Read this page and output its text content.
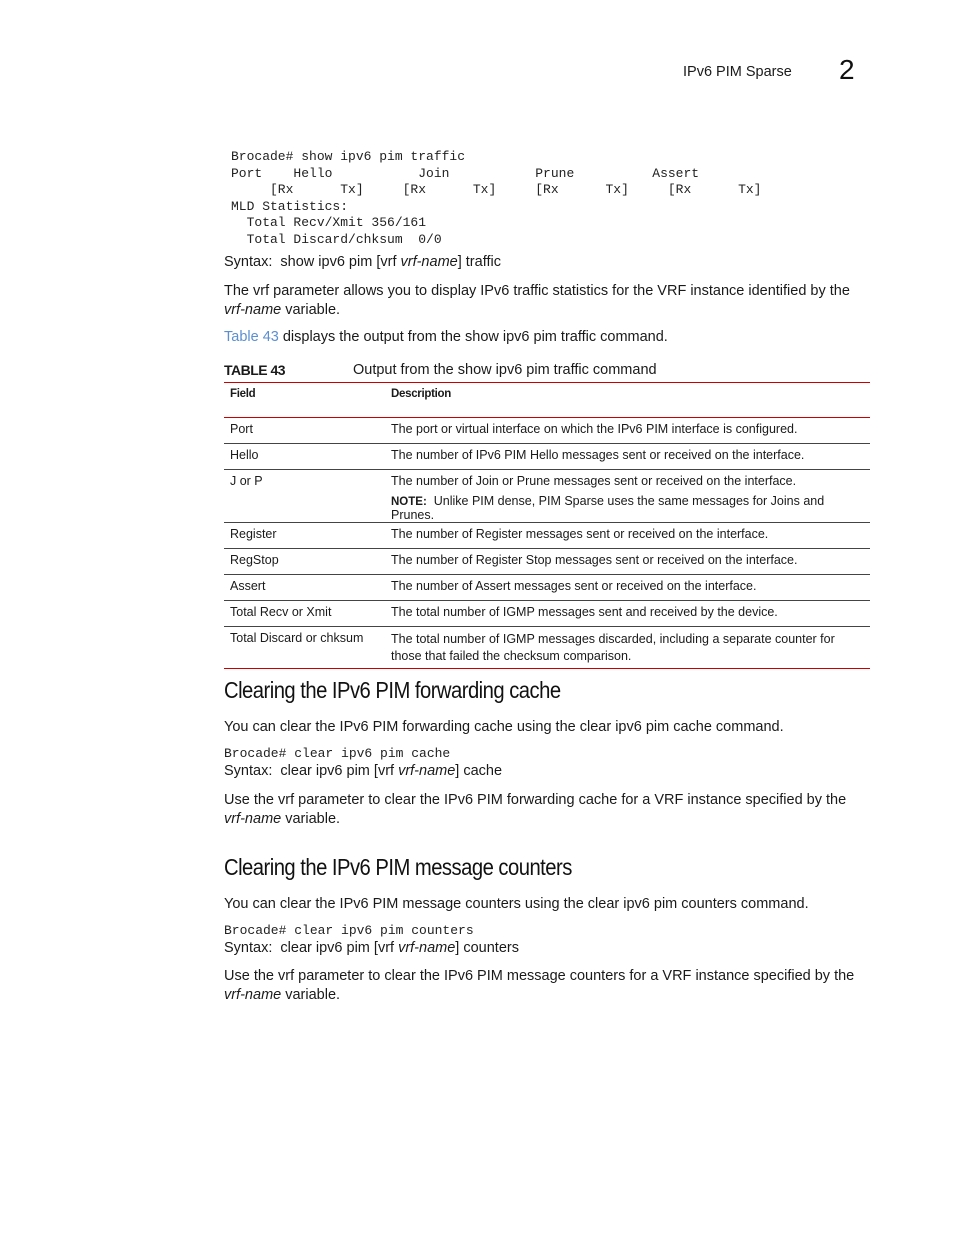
IPv6 PIM Sparse 2
Brocade# show ipv6 pim traffic
Port    Hello           Join           Prune          Assert
[Rx      Tx]     [Rx      Tx]     [Rx      Tx]     [Rx      Tx]
MLD Statistics:
Total Recv/Xmit 356/161
Total Discard/chksum  0/0
Syntax: show ipv6 pim [vrf vrf-name] traffic
The vrf parameter allows you to display IPv6 traffic statistics for the VRF instance identified by the vrf-name variable.
Table 43 displays the output from the show ipv6 pim traffic command.
TABLE 43	Output from the show ipv6 pim traffic command
Field	Description
Port	The port or virtual interface on which the IPv6 PIM interface is configured.
Hello	The number of IPv6 PIM Hello messages sent or received on the interface.
J or P	The number of Join or Prune messages sent or received on the interface.
NOTE: Unlike PIM dense, PIM Sparse uses the same messages for Joins and Prunes.

Register	The number of Register messages sent or received on the interface.
RegStop	The number of Register Stop messages sent or received on the interface.
Assert	The number of Assert messages sent or received on the interface.
Total Recv or Xmit	The total number of IGMP messages sent and received by the device.
Total Discard or chksum	The total number of IGMP messages discarded, including a separate counter for those that failed the checksum comparison.
Clearing the IPv6 PIM forwarding cache
You can clear the IPv6 PIM forwarding cache using the clear ipv6 pim cache command.
Brocade# clear ipv6 pim cache
Syntax: clear ipv6 pim [vrf vrf-name] cache
Use the vrf parameter to clear the IPv6 PIM forwarding cache for a VRF instance specified by the vrf-name variable.
Clearing the IPv6 PIM message counters
You can clear the IPv6 PIM message counters using the clear ipv6 pim counters command.
Brocade# clear ipv6 pim counters
Syntax: clear ipv6 pim [vrf vrf-name] counters
Use the vrf parameter to clear the IPv6 PIM message counters for a VRF instance specified by the vrf-name variable.
